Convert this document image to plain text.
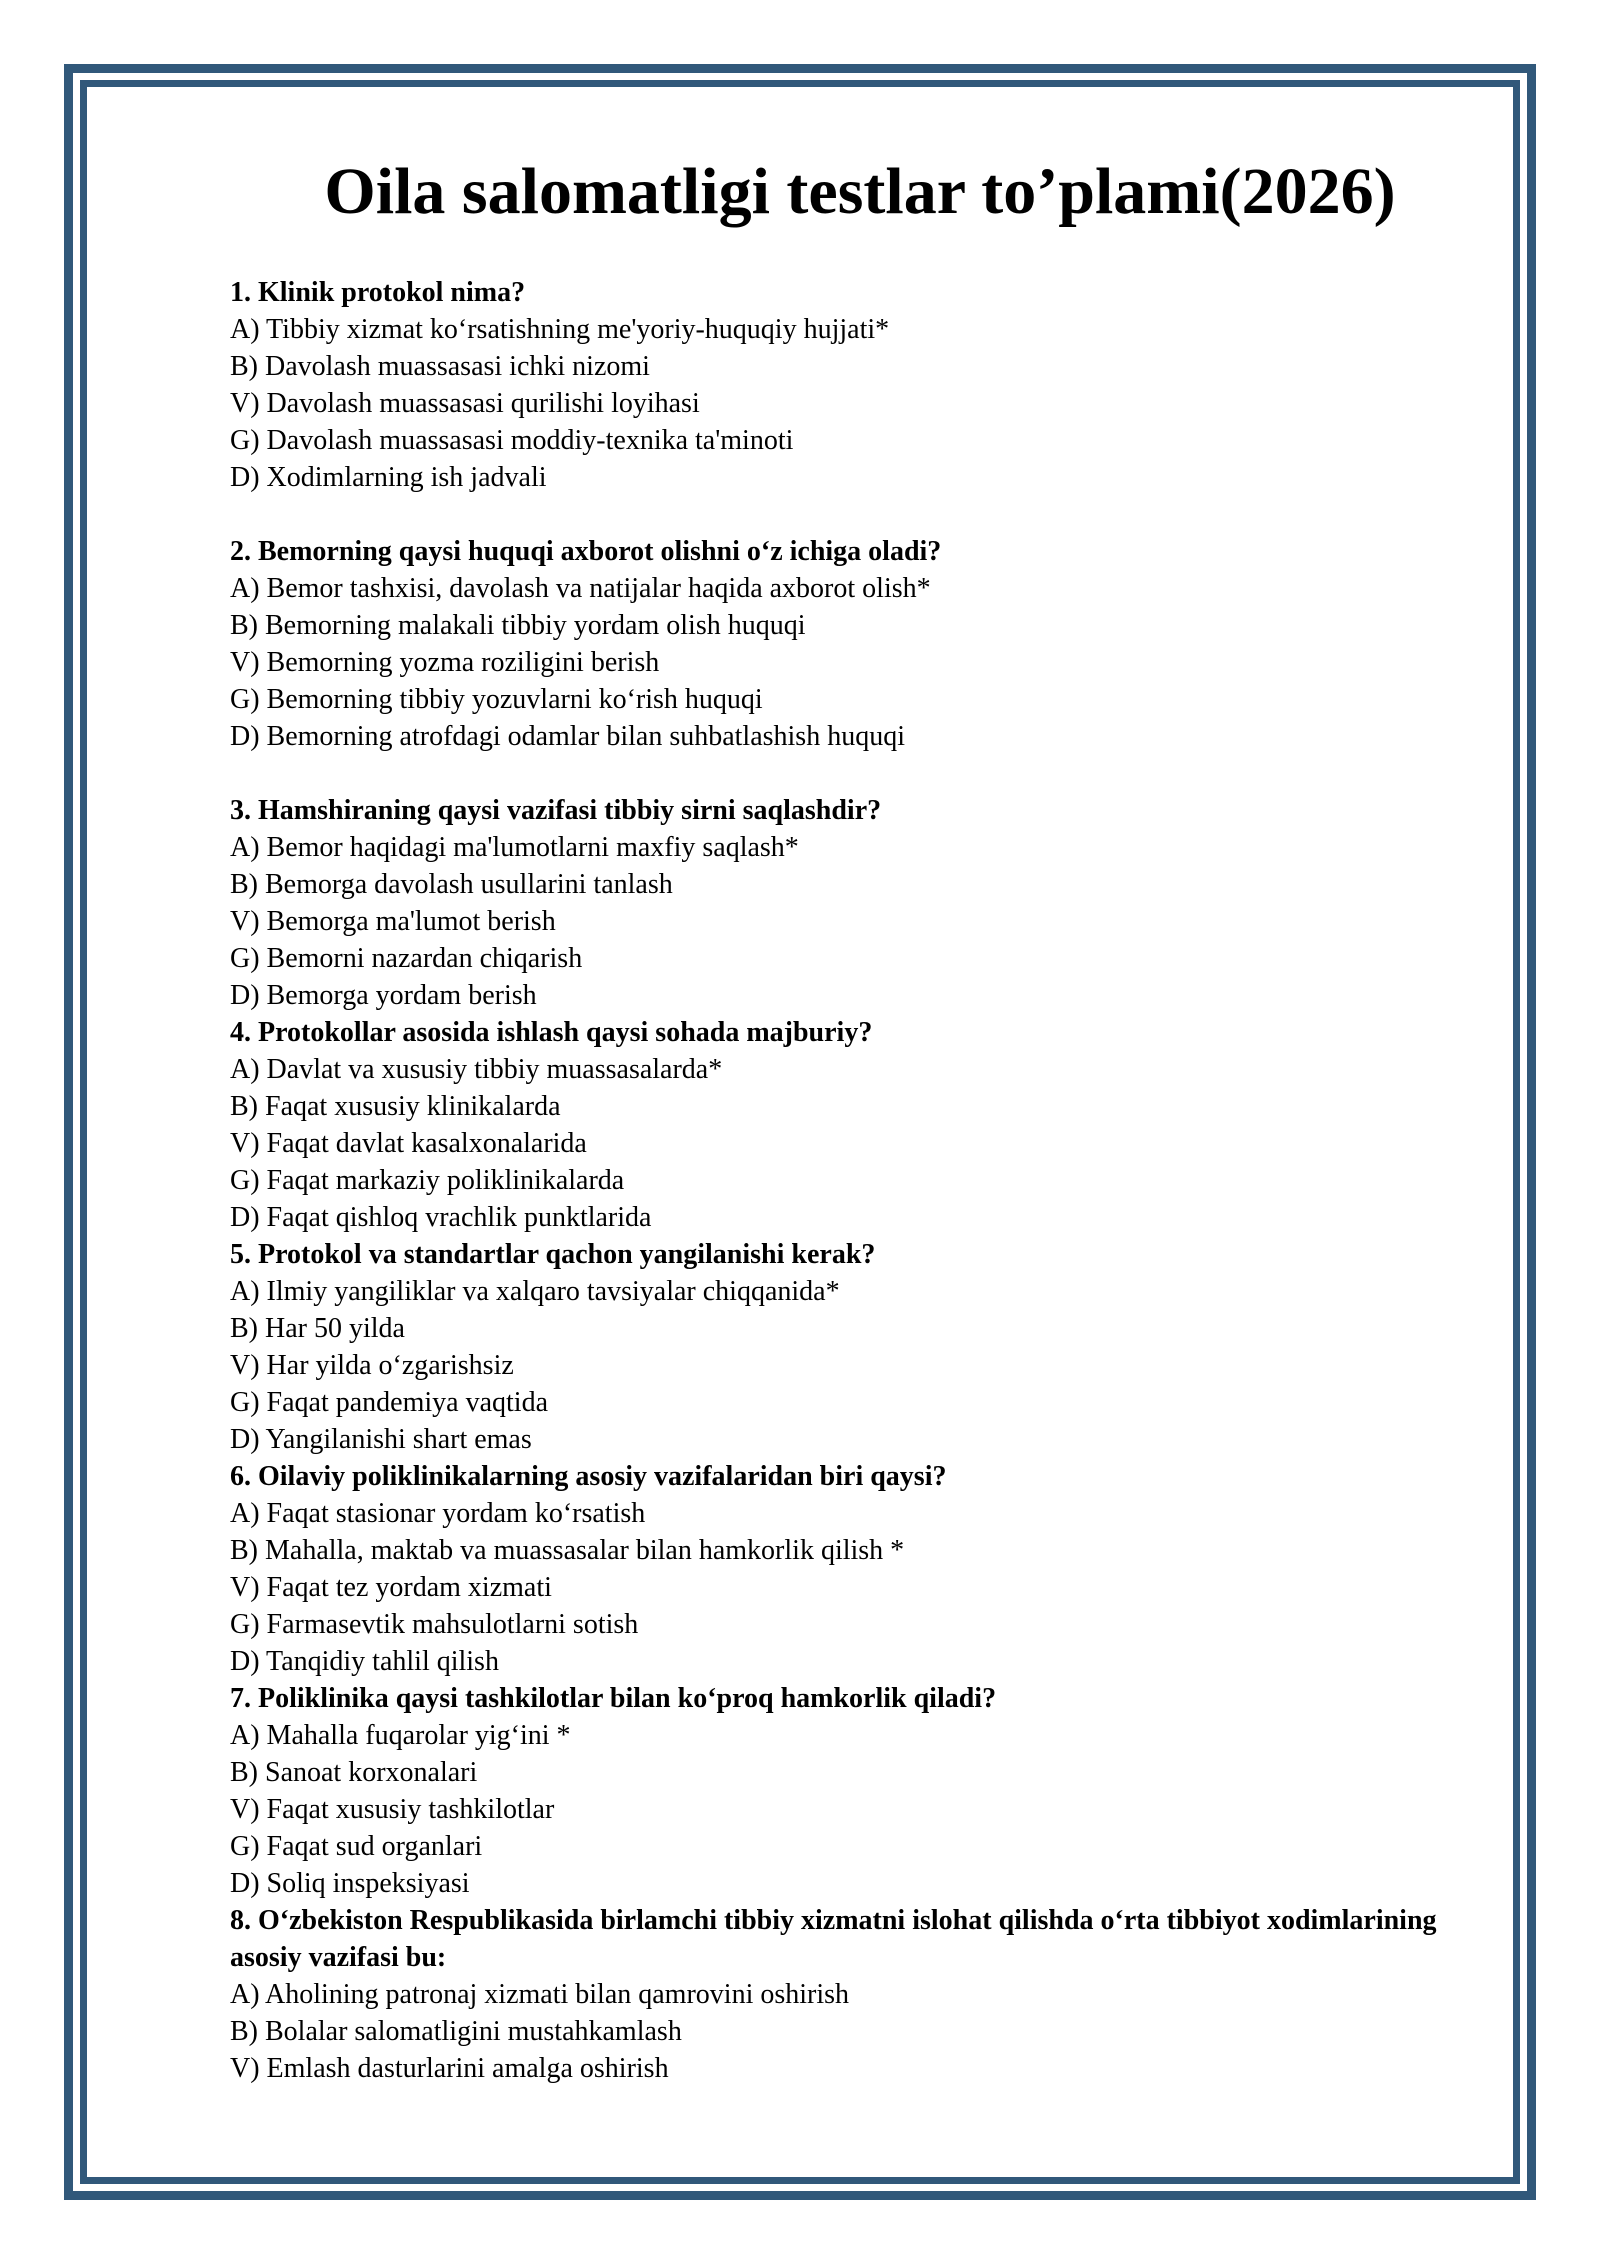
Oila salomatligi testlar to’plami(2026)

1. Klinik protokol nima?

A) Tibbiy xizmat ko‘rsatishning me'yoriy-huquqiy hujjati*

B) Davolash muassasasi ichki nizomi

V) Davolash muassasasi qurilishi loyihasi

G) Davolash muassasasi moddiy-texnika ta'minoti

D) Xodimlarning ish jadvali

2. Bemorning qaysi huquqi axborot olishni o‘z ichiga oladi?

A) Bemor tashxisi, davolash va natijalar haqida axborot olish*

B) Bemorning malakali tibbiy yordam olish huquqi

V) Bemorning yozma roziligini berish

G) Bemorning tibbiy yozuvlarni ko‘rish huquqi

D) Bemorning atrofdagi odamlar bilan suhbatlashish huquqi

3. Hamshiraning qaysi vazifasi tibbiy sirni saqlashdir?

A) Bemor haqidagi ma'lumotlarni maxfiy saqlash*

B) Bemorga davolash usullarini tanlash

V) Bemorga ma'lumot berish

G) Bemorni nazardan chiqarish

D) Bemorga yordam berish

4. Protokollar asosida ishlash qaysi sohada majburiy?

A) Davlat va xususiy tibbiy muassasalarda*

B) Faqat xususiy klinikalarda

V) Faqat davlat kasalxonalarida

G) Faqat markaziy poliklinikalarda

D) Faqat qishloq vrachlik punktlarida

5. Protokol va standartlar qachon yangilanishi kerak?

A) Ilmiy yangiliklar va xalqaro tavsiyalar chiqqanida*

B) Har 50 yilda

V) Har yilda o‘zgarishsiz

G) Faqat pandemiya vaqtida

D) Yangilanishi shart emas

6. Oilaviy poliklinikalarning asosiy vazifalaridan biri qaysi?

A) Faqat stasionar yordam ko‘rsatish

B) Mahalla, maktab va muassasalar bilan hamkorlik qilish *

V) Faqat tez yordam xizmati

G) Farmasevtik mahsulotlarni sotish

D) Tanqidiy tahlil qilish

7. Poliklinika qaysi tashkilotlar bilan ko‘proq hamkorlik qiladi?

A) Mahalla fuqarolar yig‘ini *

B) Sanoat korxonalari

V) Faqat xususiy tashkilotlar

G) Faqat sud organlari

D) Soliq inspeksiyasi

8. O‘zbekiston Respublikasida birlamchi tibbiy xizmatni islohat qilishda o‘rta tibbiyot xodimlarining asosiy vazifasi bu:

A) Aholining patronaj xizmati bilan qamrovini oshirish

B) Bolalar salomatligini mustahkamlash

V) Emlash dasturlarini amalga oshirish
